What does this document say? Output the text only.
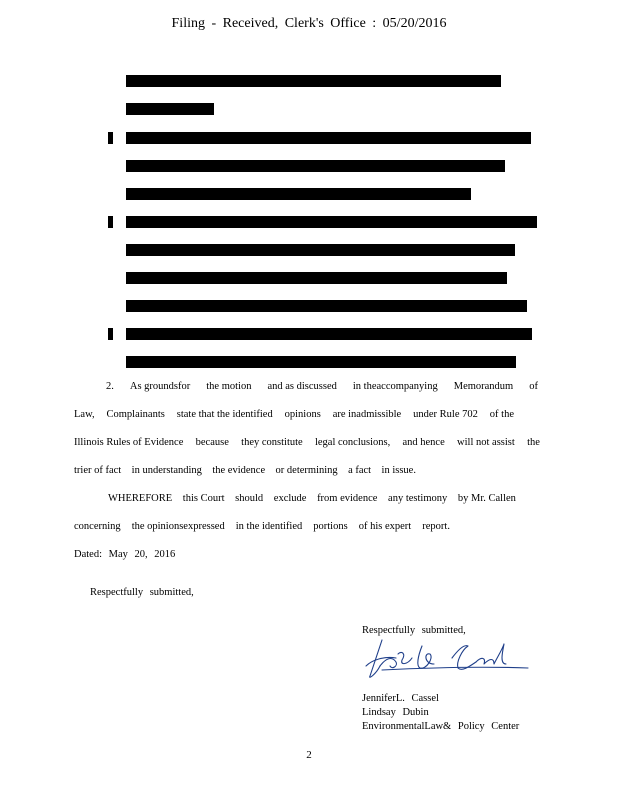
Filing - Received, Clerk's Office : 05/20/2016
2. As groundsfor the motion and as discussed in theaccompanying Memorandum of
Law, Complainants state that the identified opinions are inadmissible under Rule 702 of the
Illinois Rules of Evidence because they constitute legal conclusions, and hence will not assist the
trier of fact in understanding the evidence or determining a fact in issue.
WHEREFORE this Court should exclude from evidence any testimony by Mr. Callen
concerning the opinionsexpressed in the identified portions of his expert report.
Dated: May 20, 2016
Respectfully submitted,
Respectfully submitted,
JenniferL. Cassel
Lindsay Dubin
EnvironmentalLaw& Policy Center
2
